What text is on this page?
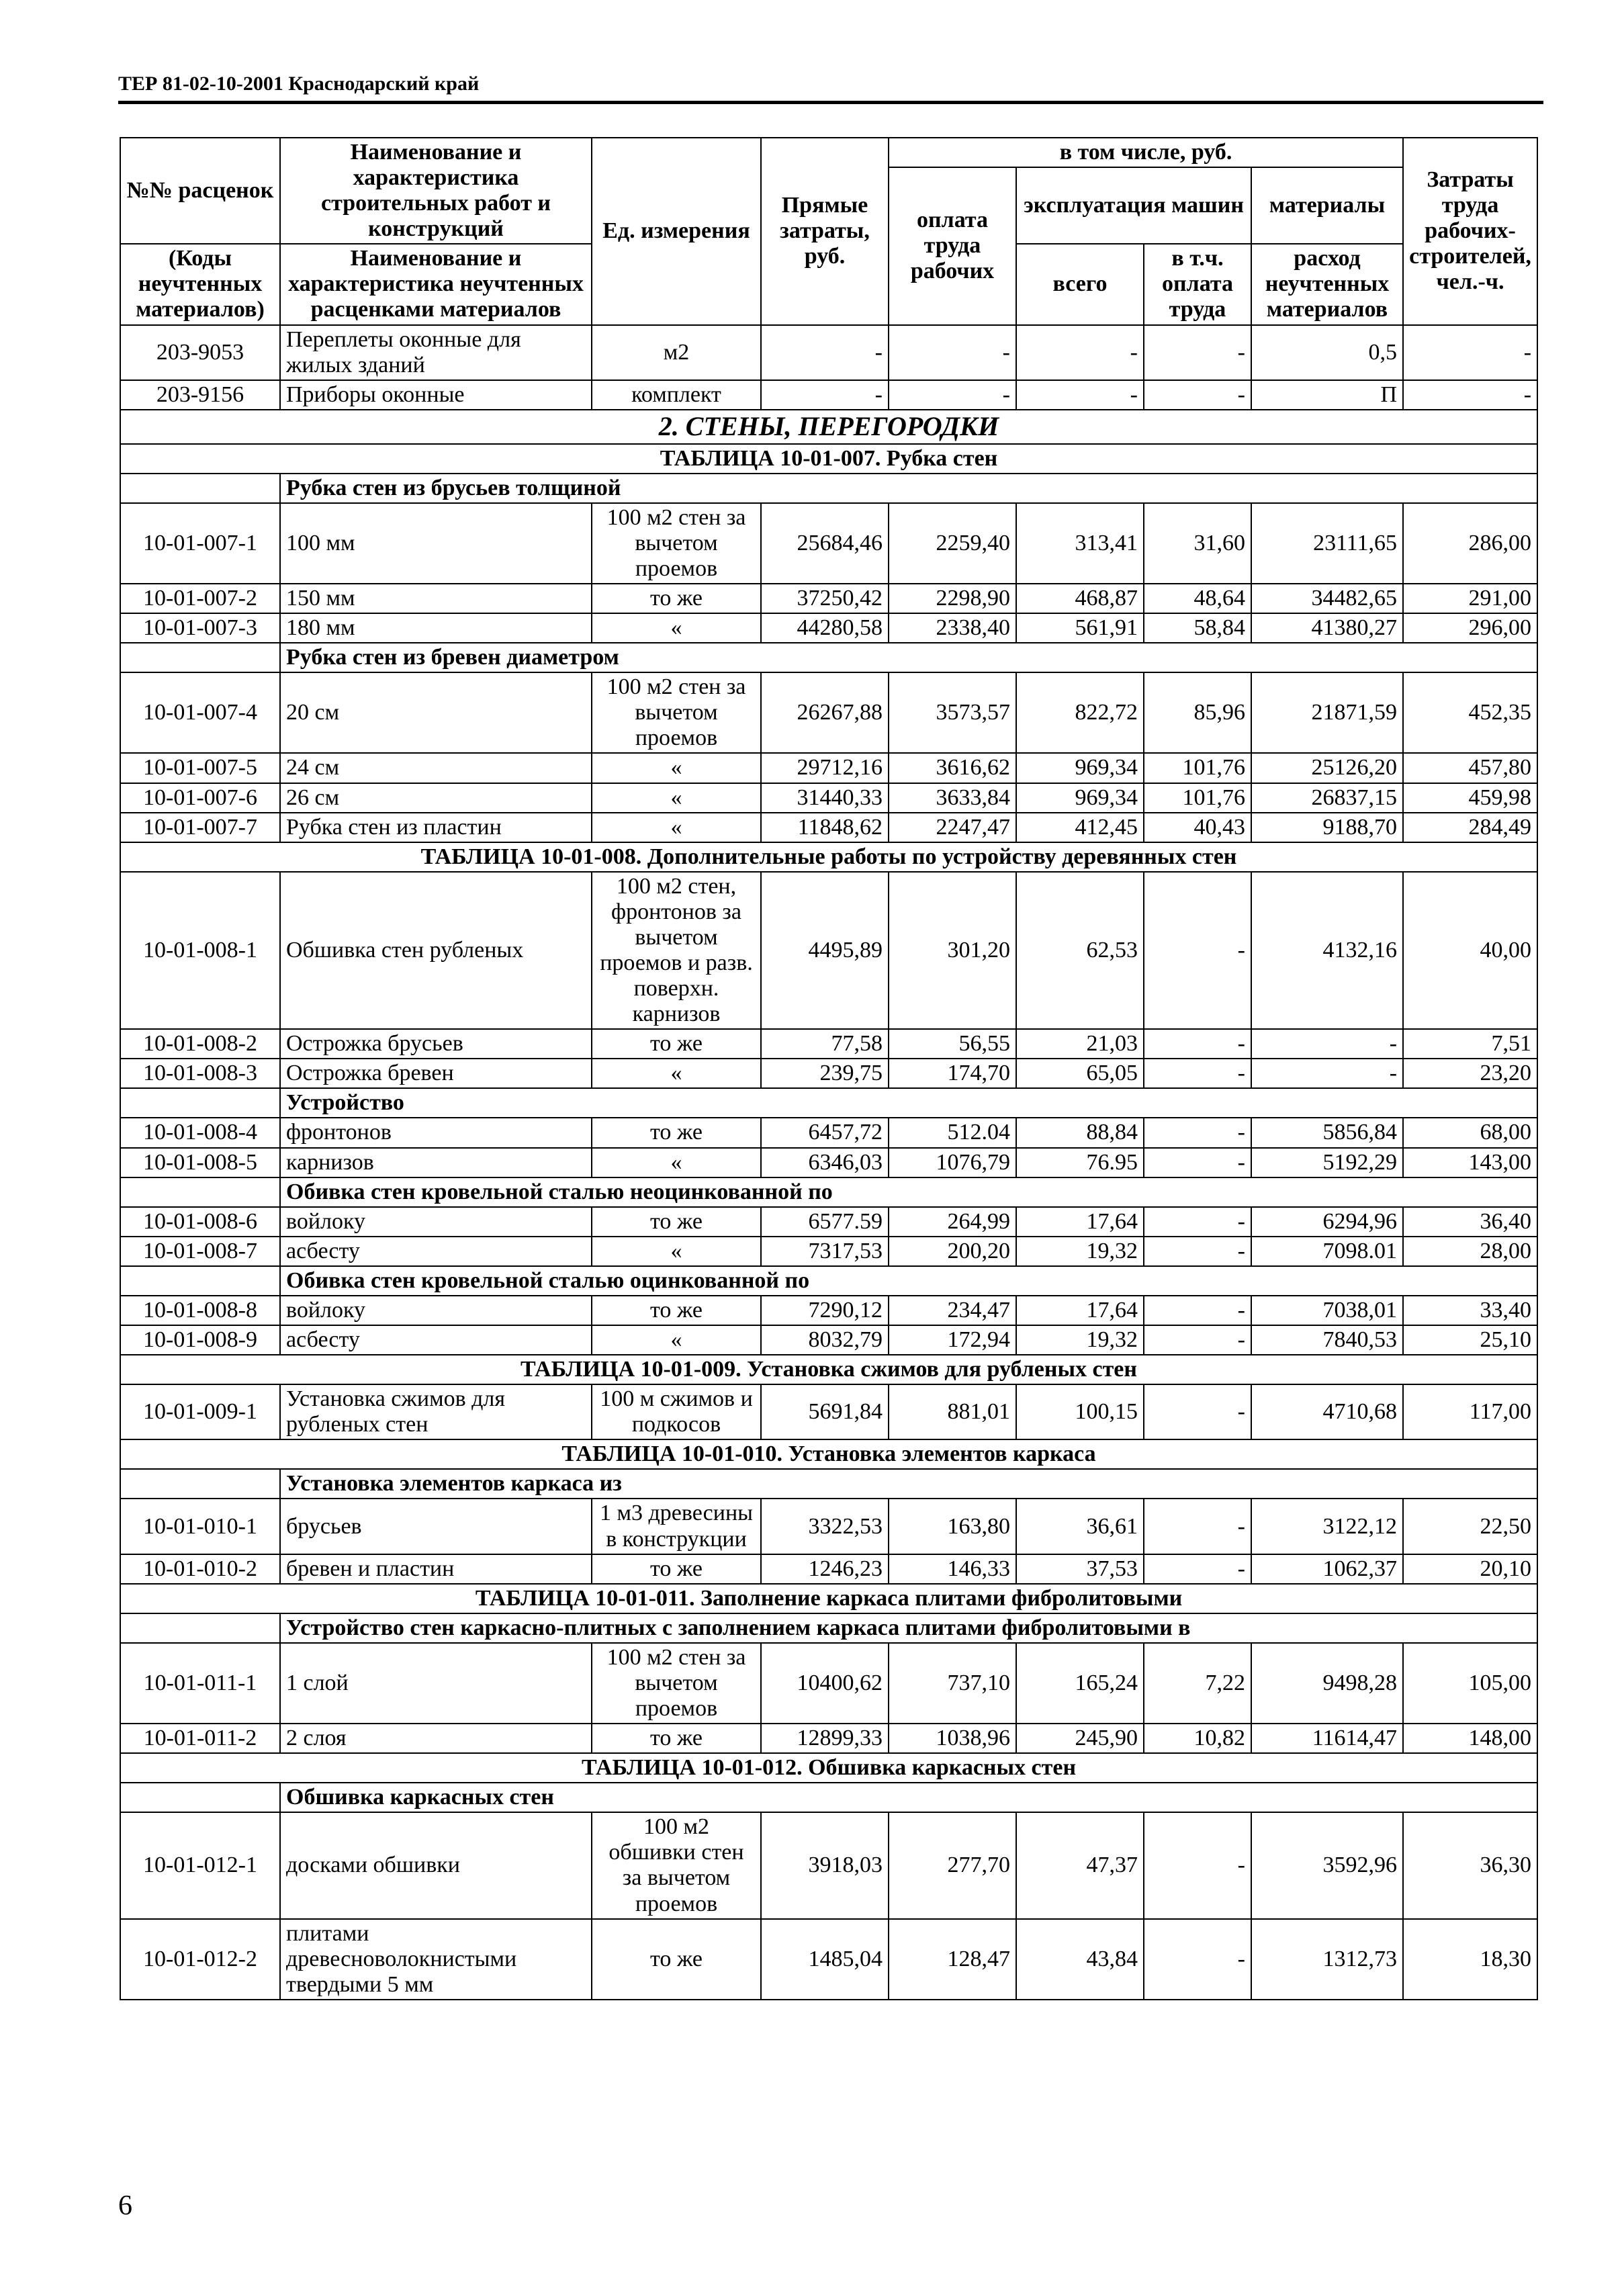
ТЕР 81-02-10-2001 Краснодарский край
№№ расценок	Наименование и характеристика строительных работ и конструкций	Ед. измерения	Прямые затраты, руб.	в том числе, руб.				Затраты труда рабочих-строителей, чел.-ч.
				оплата труда рабочих	эксплуатация машин		материалы	
(Коды неучтенных материалов)	Наименование и характеристика неучтенных расценками материалов				всего	в т.ч. оплата труда	расход неучтенных материалов	

203-9053	Переплеты оконные для жилых зданий	м2	-	-	-	-	0,5	-
203-9156	Приборы оконные	комплект	-	-	-	-	П	-
2. СТЕНЫ, ПЕРЕГОРОДКИ								
ТАБЛИЦА 10-01-007. Рубка стен								
	Рубка стен из брусьев толщиной							
10-01-007-1	100 мм	100 м2 стен за вычетом проемов	25684,46	2259,40	313,41	31,60	23111,65	286,00
10-01-007-2	150 мм	то же	37250,42	2298,90	468,87	48,64	34482,65	291,00
10-01-007-3	180 мм	«	44280,58	2338,40	561,91	58,84	41380,27	296,00
	Рубка стен из бревен диаметром							
10-01-007-4	20 см	100 м2 стен за вычетом проемов	26267,88	3573,57	822,72	85,96	21871,59	452,35
10-01-007-5	24 см	«	29712,16	3616,62	969,34	101,76	25126,20	457,80
10-01-007-6	26 см	«	31440,33	3633,84	969,34	101,76	26837,15	459,98
10-01-007-7	Рубка стен из пластин	«	11848,62	2247,47	412,45	40,43	9188,70	284,49
ТАБЛИЦА 10-01-008. Дополнительные работы по устройству деревянных стен								
10-01-008-1	Обшивка стен рубленых	100 м2 стен, фронтонов за вычетом проемов и разв. поверхн. карнизов	4495,89	301,20	62,53	-	4132,16	40,00
10-01-008-2	Острожка брусьев	то же	77,58	56,55	21,03	-	-	7,51
10-01-008-3	Острожка бревен	«	239,75	174,70	65,05	-	-	23,20
	Устройство							
10-01-008-4	фронтонов	то же	6457,72	512.04	88,84	-	5856,84	68,00
10-01-008-5	карнизов	«	6346,03	1076,79	76.95	-	5192,29	143,00
	Обивка стен кровельной сталью неоцинкованной по							
10-01-008-6	войлоку	то же	6577.59	264,99	17,64	-	6294,96	36,40
10-01-008-7	асбесту	«	7317,53	200,20	19,32	-	7098.01	28,00
	Обивка стен кровельной сталью оцинкованной по							
10-01-008-8	войлоку	то же	7290,12	234,47	17,64	-	7038,01	33,40
10-01-008-9	асбесту	«	8032,79	172,94	19,32	-	7840,53	25,10
ТАБЛИЦА 10-01-009. Установка сжимов для рубленых стен								
10-01-009-1	Установка сжимов для рубленых стен	100 м сжимов и подкосов	5691,84	881,01	100,15	-	4710,68	117,00
ТАБЛИЦА 10-01-010. Установка элементов каркаса								
	Установка элементов каркаса из							
10-01-010-1	брусьев	1 м3 древесины в конструкции	3322,53	163,80	36,61	-	3122,12	22,50
10-01-010-2	бревен и пластин	то же	1246,23	146,33	37,53	-	1062,37	20,10
ТАБЛИЦА 10-01-011. Заполнение каркаса плитами фибролитовыми								
	Устройство стен каркасно-плитных с заполнением каркаса плитами фибролитовыми в							
10-01-011-1	1 слой	100 м2 стен за вычетом проемов	10400,62	737,10	165,24	7,22	9498,28	105,00
10-01-011-2	2 слоя	то же	12899,33	1038,96	245,90	10,82	11614,47	148,00
ТАБЛИЦА 10-01-012. Обшивка каркасных стен								
	Обшивка каркасных стен							
10-01-012-1	досками обшивки	100 м2 обшивки стен за вычетом проемов	3918,03	277,70	47,37	-	3592,96	36,30
10-01-012-2	плитами древесноволокнистыми твердыми 5 мм	то же	1485,04	128,47	43,84	-	1312,73	18,30
6
